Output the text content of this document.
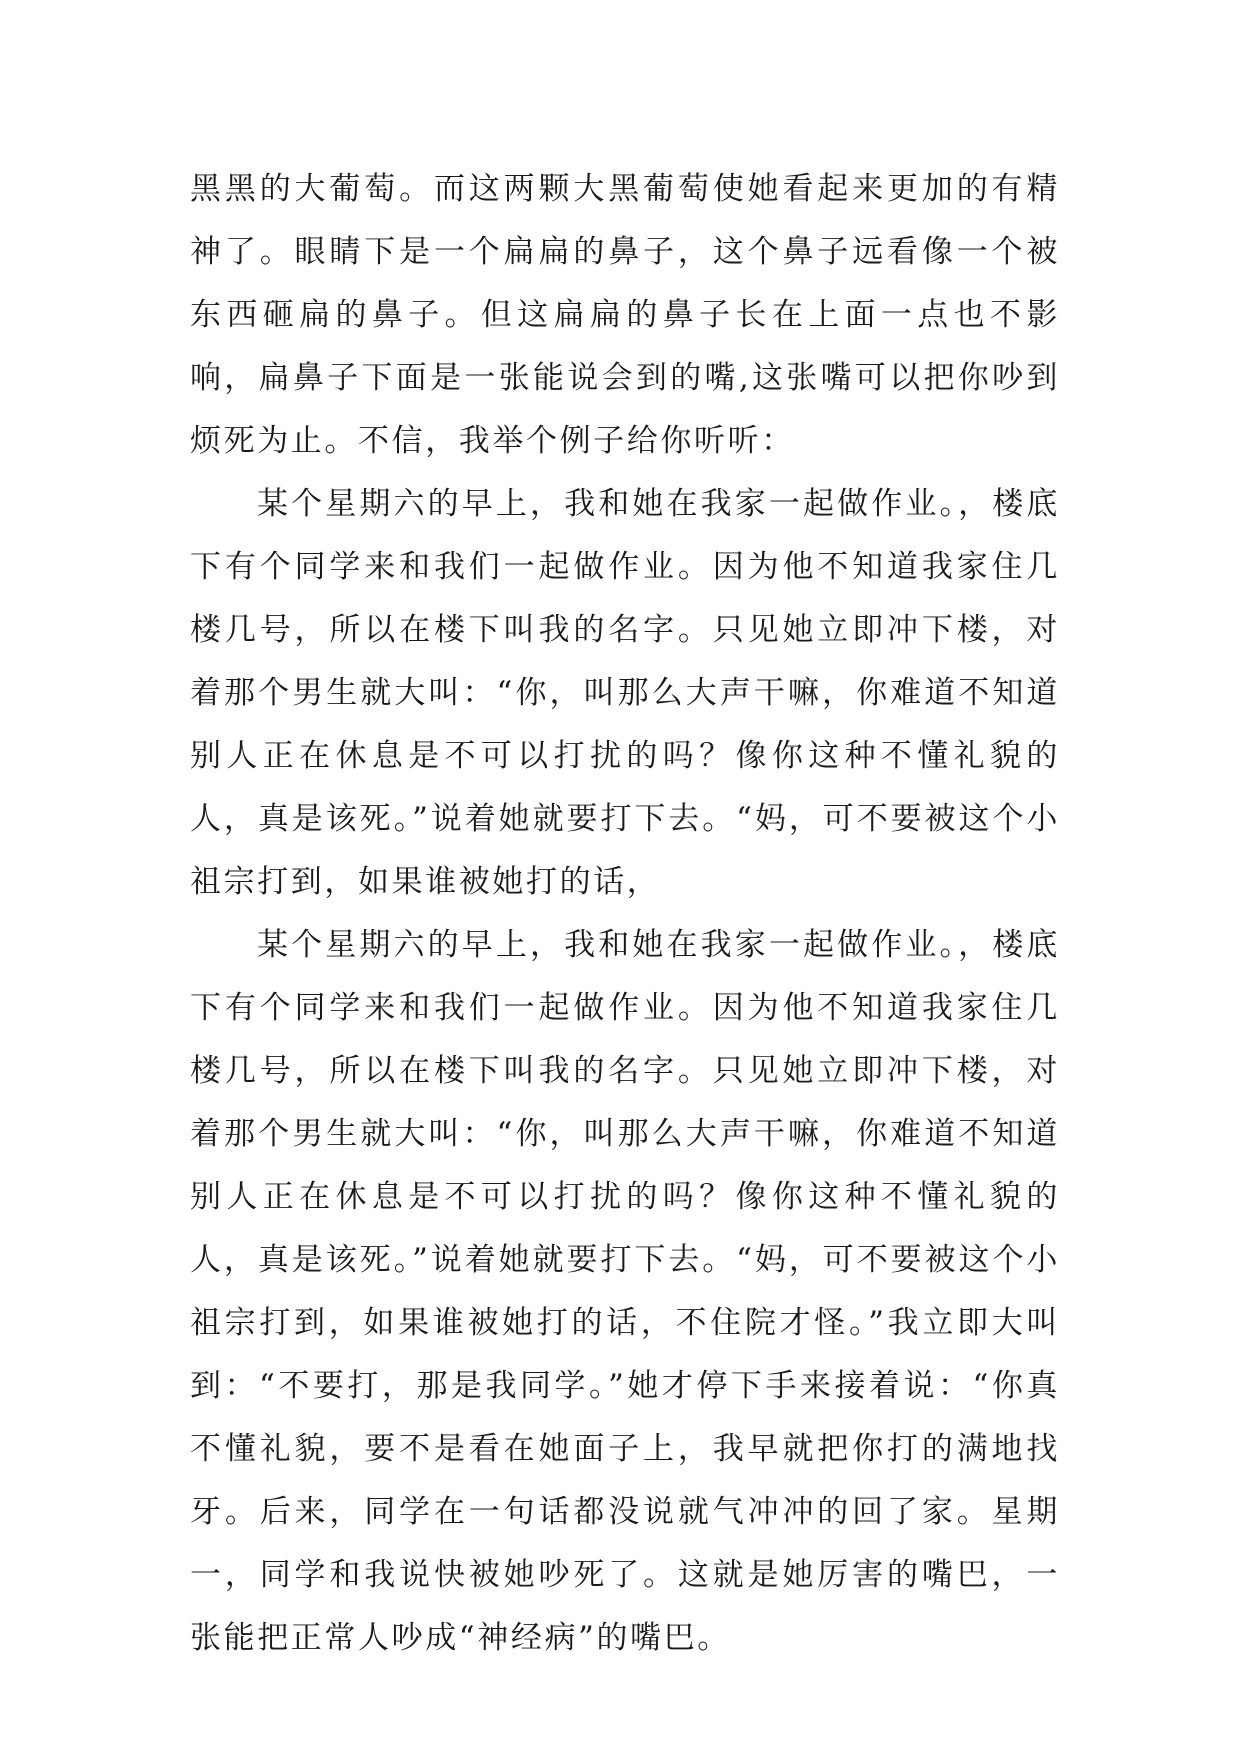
黑黑的大葡萄。而这两颗大黑葡萄使她看起来更加的有精神了。眼睛下是一个扁扁的鼻子，这个鼻子远看像一个被东西砸扁的鼻子。但这扁扁的鼻子长在上面一点也不影响，扁鼻子下面是一张能说会到的嘴,这张嘴可以把你吵到烦死为止。不信，我举个例子给你听听：

某个星期六的早上，我和她在我家一起做作业。，楼底下有个同学来和我们一起做作业。因为他不知道我家住几楼几号，所以在楼下叫我的名字。只见她立即冲下楼，对着那个男生就大叫：“你，叫那么大声干嘛，你难道不知道别人正在休息是不可以打扰的吗？像你这种不懂礼貌的人，真是该死。”说着她就要打下去。“妈，可不要被这个小祖宗打到，如果谁被她打的话，

某个星期六的早上，我和她在我家一起做作业。，楼底下有个同学来和我们一起做作业。因为他不知道我家住几楼几号，所以在楼下叫我的名字。只见她立即冲下楼，对着那个男生就大叫：“你，叫那么大声干嘛，你难道不知道别人正在休息是不可以打扰的吗？像你这种不懂礼貌的人，真是该死。”说着她就要打下去。“妈，可不要被这个小祖宗打到，如果谁被她打的话，不住院才怪。”我立即大叫到：“不要打，那是我同学。”她才停下手来接着说：“你真不懂礼貌，要不是看在她面子上，我早就把你打的满地找牙。后来，同学在一句话都没说就气冲冲的回了家。星期一，同学和我说快被她吵死了。这就是她厉害的嘴巴，一张能把正常人吵成“神经病”的嘴巴。
